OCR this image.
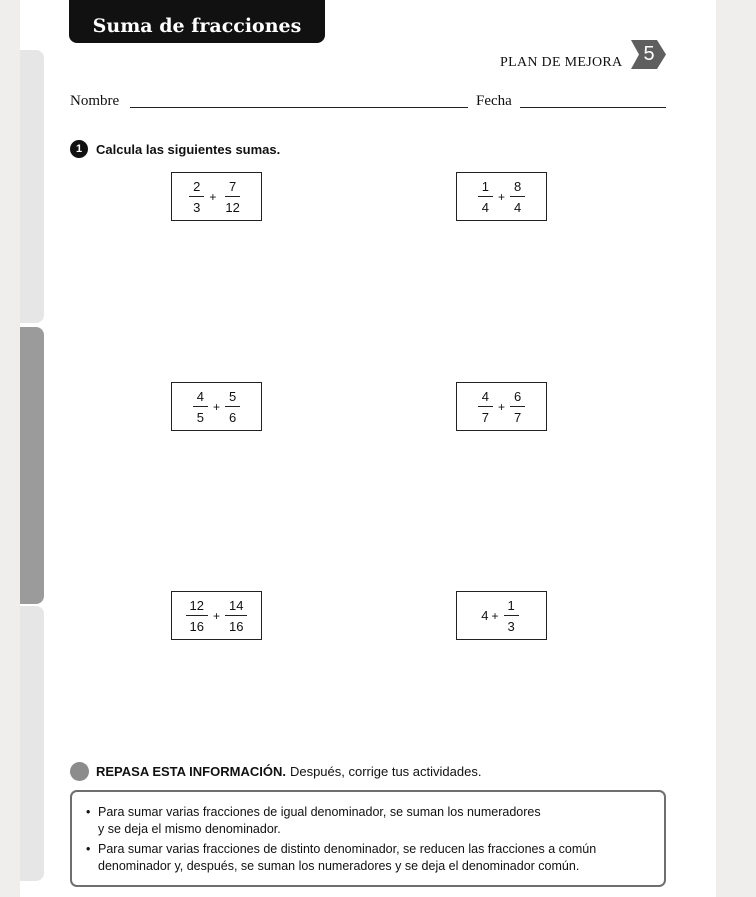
Suma de fracciones
PLAN DE MEJORA	5
Nombre	Fecha
1	Calcula las siguientes sumas.
$\frac{2}{3} + \frac{7}{12}$	$\frac{1}{4} + \frac{8}{4}$
$\frac{4}{5} + \frac{5}{6}$	$\frac{4}{7} + \frac{6}{7}$
$\frac{12}{16} + \frac{14}{16}$	$4 + \frac{1}{3}$
REPASA ESTA INFORMACIÓN. Después, corrige tus actividades.
• Para sumar varias fracciones de igual denominador, se suman los numeradores
y se deja el mismo denominador.
• Para sumar varias fracciones de distinto denominador, se reducen las fracciones a común
denominador y, después, se suman los numeradores y se deja el denominador común.
